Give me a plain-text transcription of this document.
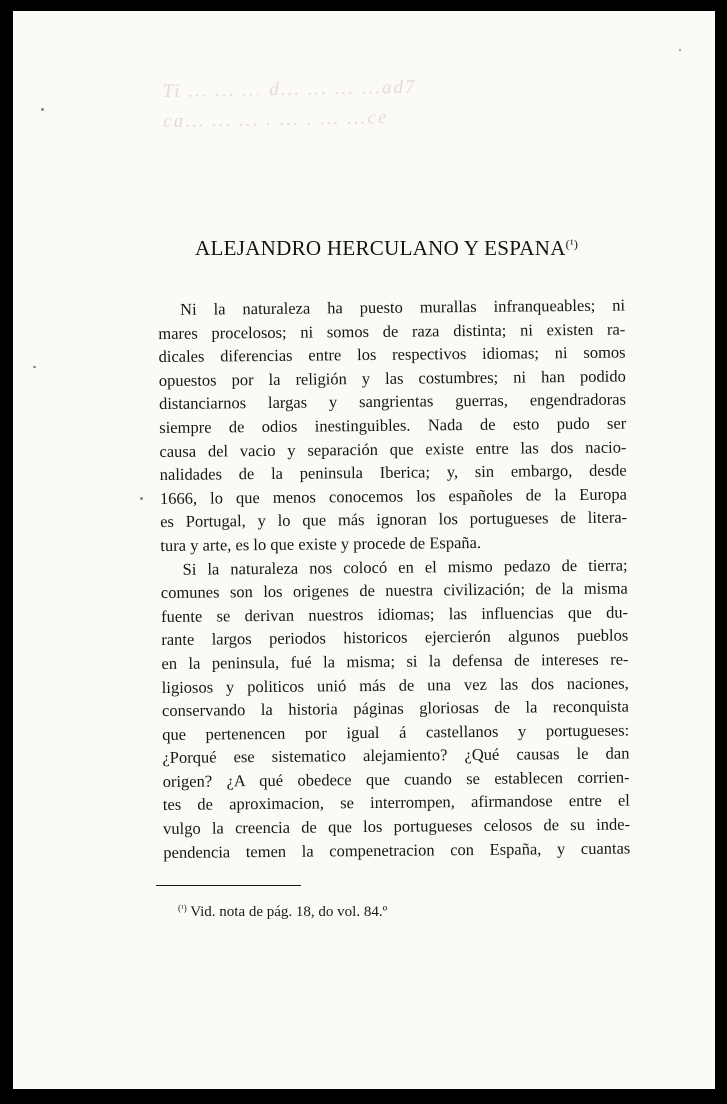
Ti ... ... ... d... ... ... ...ad7
ca... ... ... . ... . ... ...ce
ALEJANDRO HERCULANO Y $ESPANA^{(^1)}$
Ni la naturaleza ha puesto murallas infranqueables; ni
mares procelosos; ni somos de raza distinta; ni existen ra-
dicales diferencias entre los respectivos idiomas; ni somos
opuestos por la religión y las costumbres; ni han podido
distanciarnos largas y sangrientas guerras, engendradoras
siempre de odios inestinguibles. Nada de esto pudo ser
causa del vacio y separación que existe entre las dos nacio-
nalidades de la peninsula Iberica; y, sin embargo, desde
1666, lo que menos conocemos los españoles de la Europa
es Portugal, y lo que más ignoran los portugueses de litera-
tura y arte, es lo que existe y procede de España.
Si la naturaleza nos colocó en el mismo pedazo de tierra;
comunes son los origenes de nuestra civilización; de la misma
fuente se derivan nuestros idiomas; las influencias que du-
rante largos periodos historicos ejercierón algunos pueblos
en la peninsula, fué la misma; si la defensa de intereses re-
ligiosos y politicos unió más de una vez las dos naciones,
conservando la historia páginas gloriosas de la reconquista
que pertenencen por igual á castellanos y portugueses:
¿Porqué ese sistematico alejamiento? ¿Qué causas le dan
origen? ¿A qué obedece que cuando se establecen corrien-
tes de aproximacion, se interrompen, afirmandose entre el
vulgo la creencia de que los portugueses celosos de su inde-
pendencia temen la compenetracion con España, y cuantas
$^{(^1)}$ Vid. nota de pág. 18, do vol. 84.º
